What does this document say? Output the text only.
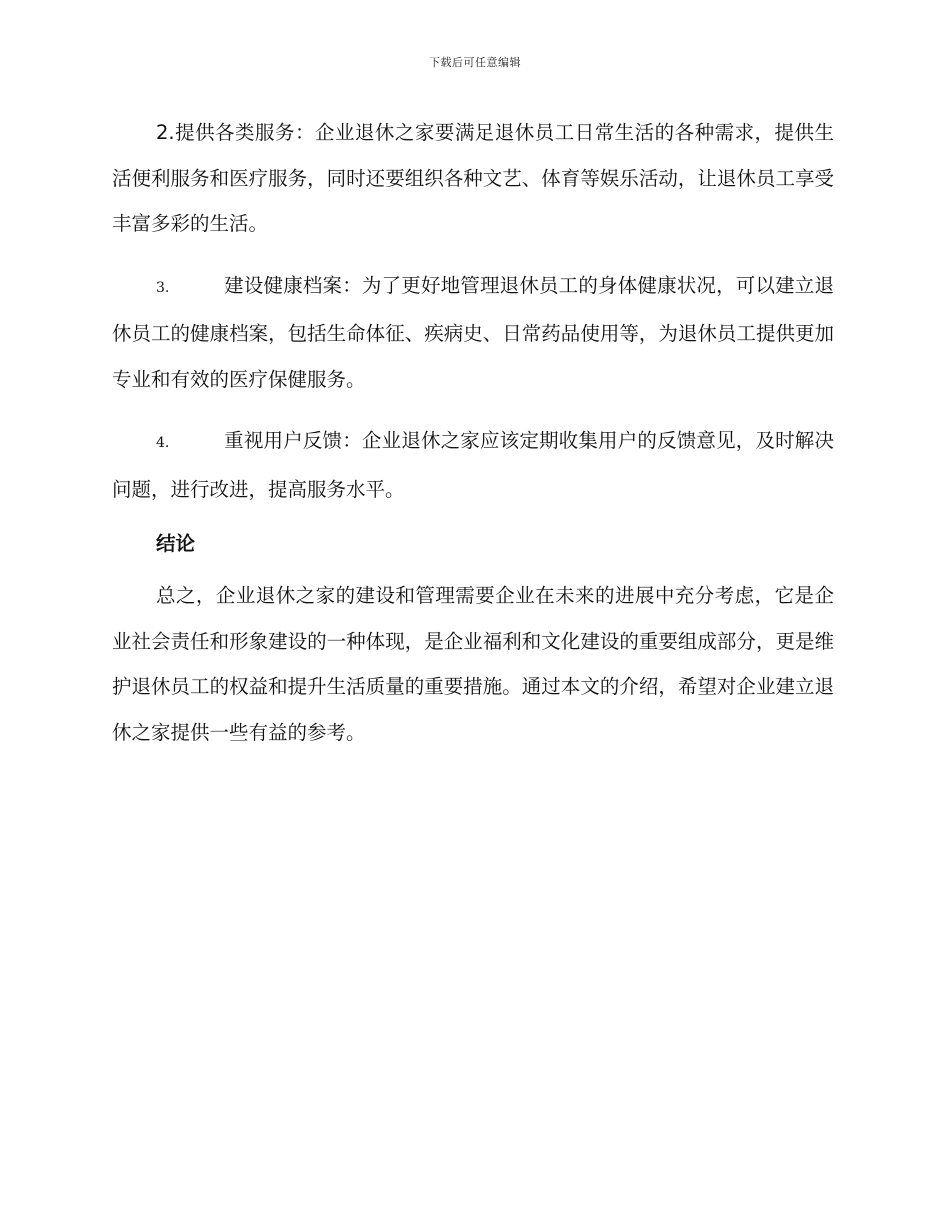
下载后可任意编辑

2.提供各类服务：企业退休之家要满足退休员工日常生活的各种需求，提供生活便利服务和医疗服务，同时还要组织各种文艺、体育等娱乐活动，让退休员工享受丰富多彩的生活。

3.	建设健康档案：为了更好地管理退休员工的身体健康状况，可以建立退休员工的健康档案，包括生命体征、疾病史、日常药品使用等，为退休员工提供更加专业和有效的医疗保健服务。

4.	重视用户反馈：企业退休之家应该定期收集用户的反馈意见，及时解决问题，进行改进，提高服务水平。

结论

总之，企业退休之家的建设和管理需要企业在未来的进展中充分考虑，它是企业社会责任和形象建设的一种体现，是企业福利和文化建设的重要组成部分，更是维护退休员工的权益和提升生活质量的重要措施。通过本文的介绍，希望对企业建立退休之家提供一些有益的参考。
